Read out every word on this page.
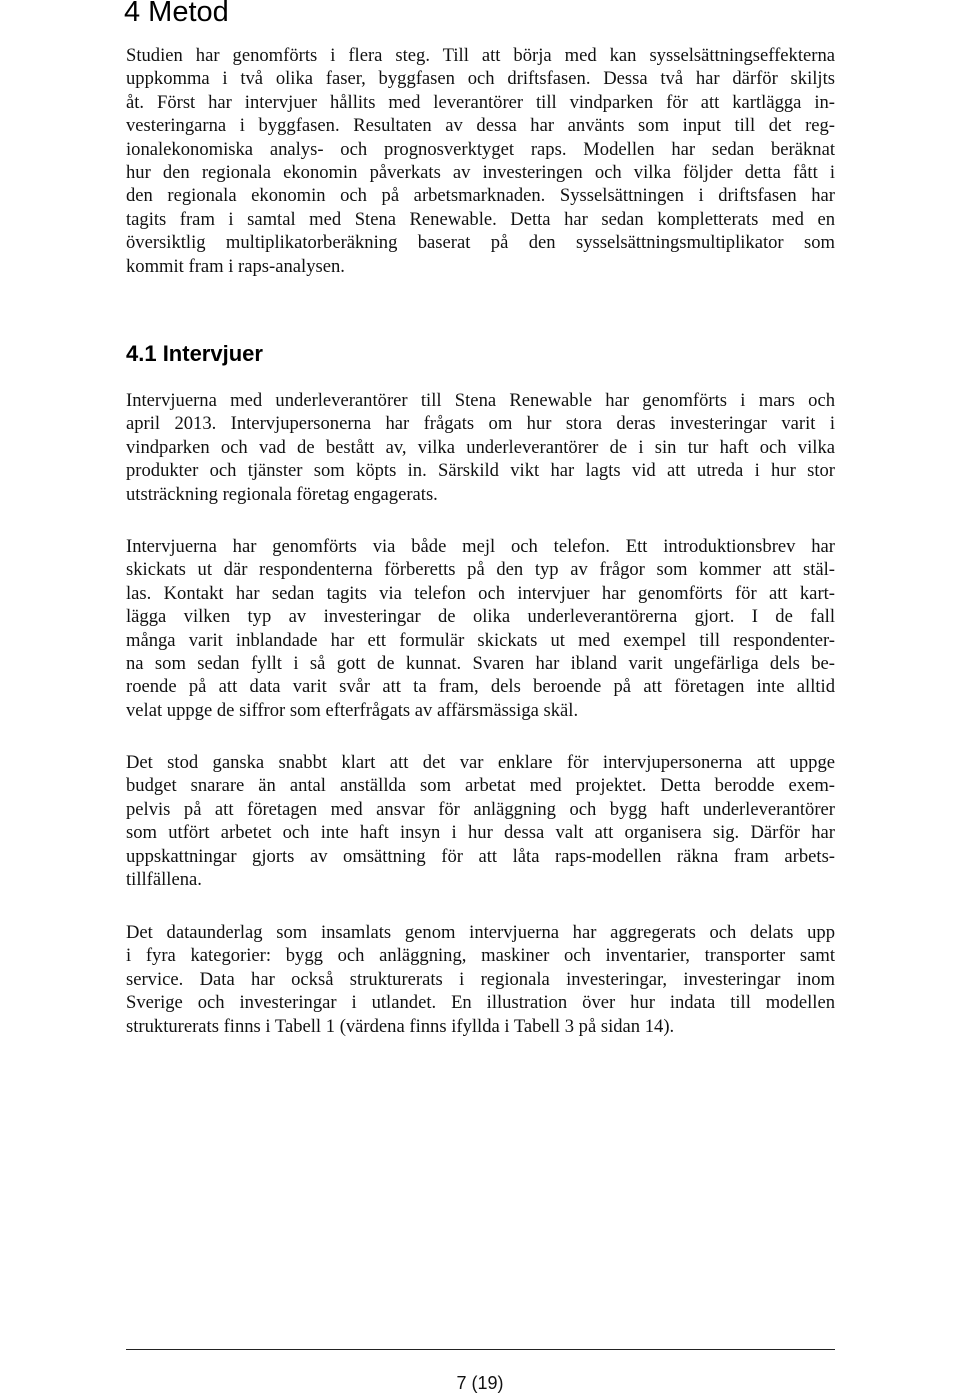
4 Metod
Studien har genomförts i flera steg. Till att börja med kan sysselsättningseffekterna
uppkomma i två olika faser, byggfasen och driftsfasen. Dessa två har därför skiljts
åt. Först har intervjuer hållits med leverantörer till vindparken för att kartlägga in-
vesteringarna i byggfasen. Resultaten av dessa har använts som input till det reg-
ionalekonomiska analys- och prognosverktyget raps. Modellen har sedan beräknat
hur den regionala ekonomin påverkats av investeringen och vilka följder detta fått i
den regionala ekonomin och på arbetsmarknaden. Sysselsättningen i driftsfasen har
tagits fram i samtal med Stena Renewable. Detta har sedan kompletterats med en
översiktlig multiplikatorberäkning baserat på den sysselsättningsmultiplikator som
kommit fram i raps-analysen.
4.1 Intervjuer
Intervjuerna med underleverantörer till Stena Renewable har genomförts i mars och
april 2013. Intervjupersonerna har frågats om hur stora deras investeringar varit i
vindparken och vad de bestått av, vilka underleverantörer de i sin tur haft och vilka
produkter och tjänster som köpts in. Särskild vikt har lagts vid att utreda i hur stor
utsträckning regionala företag engagerats.
Intervjuerna har genomförts via både mejl och telefon. Ett introduktionsbrev har
skickats ut där respondenterna förberetts på den typ av frågor som kommer att stäl-
las. Kontakt har sedan tagits via telefon och intervjuer har genomförts för att kart-
lägga vilken typ av investeringar de olika underleverantörerna gjort. I de fall
många varit inblandade har ett formulär skickats ut med exempel till respondenter-
na som sedan fyllt i så gott de kunnat. Svaren har ibland varit ungefärliga dels be-
roende på att data varit svår att ta fram, dels beroende på att företagen inte alltid
velat uppge de siffror som efterfrågats av affärsmässiga skäl.
Det stod ganska snabbt klart att det var enklare för intervjupersonerna att uppge
budget snarare än antal anställda som arbetat med projektet. Detta berodde exem-
pelvis på att företagen med ansvar för anläggning och bygg haft underleverantörer
som utfört arbetet och inte haft insyn i hur dessa valt att organisera sig. Därför har
uppskattningar gjorts av omsättning för att låta raps-modellen räkna fram arbets-
tillfällena.
Det dataunderlag som insamlats genom intervjuerna har aggregerats och delats upp
i fyra kategorier: bygg och anläggning, maskiner och inventarier, transporter samt
service. Data har också strukturerats i regionala investeringar, investeringar inom
Sverige och investeringar i utlandet. En illustration över hur indata till modellen
strukturerats finns i Tabell 1 (värdena finns ifyllda i Tabell 3 på sidan 14).
7 (19)
